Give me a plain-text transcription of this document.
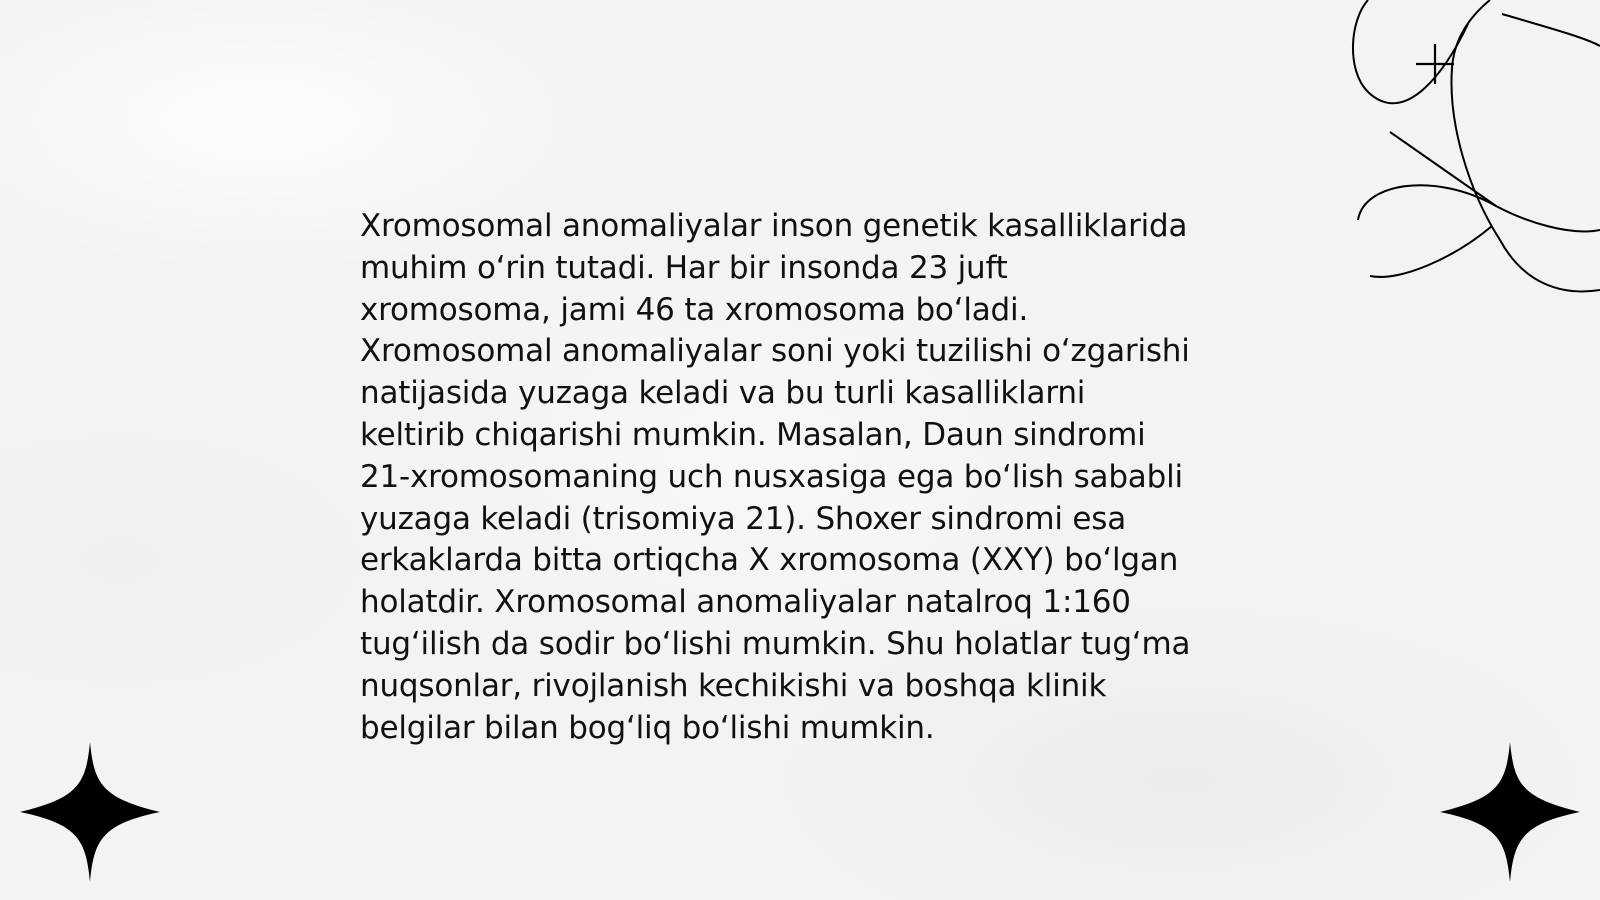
Xromosomal anomaliyalar inson genetik kasalliklarida
muhim oʻrin tutadi. Har bir insonda 23 juft
xromosoma, jami 46 ta xromosoma boʻladi.
Xromosomal anomaliyalar soni yoki tuzilishi oʻzgarishi
natijasida yuzaga keladi va bu turli kasalliklarni
keltirib chiqarishi mumkin. Masalan, Daun sindromi
21-xromosomaning uch nusxasiga ega boʻlish sababli
yuzaga keladi (trisomiya 21). Shoxer sindromi esa
erkaklarda bitta ortiqcha X xromosoma (XXY) boʻlgan
holatdir. Xromosomal anomaliyalar natalroq 1:160
tugʻilish da sodir boʻlishi mumkin. Shu holatlar tugʻma
nuqsonlar, rivojlanish kechikishi va boshqa klinik
belgilar bilan bogʻliq boʻlishi mumkin.
